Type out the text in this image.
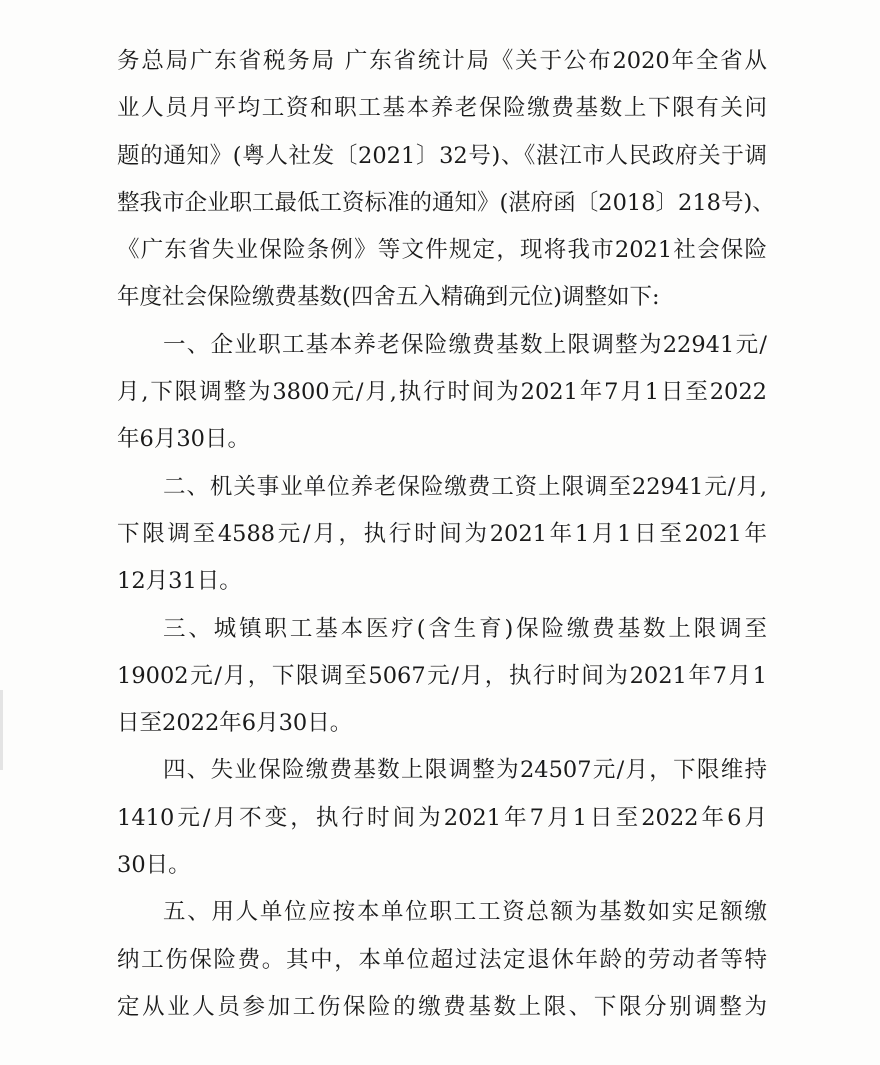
务总局广东省税务局 广东省统计局《关于公布2020年全省从
业人员月平均工资和职工基本养老保险缴费基数上下限有关问
题的通知》(粤人社发〔2021〕32号)、《湛江市人民政府关于调
整我市企业职工最低工资标准的通知》(湛府函〔2018〕218号)、
《广东省失业保险条例》等文件规定，现将我市2021社会保险
年度社会保险缴费基数(四舍五入精确到元位)调整如下:
一、企业职工基本养老保险缴费基数上限调整为22941元/
月,下限调整为3800元/月,执行时间为2021年7月1日至2022
年6月30日。
二、机关事业单位养老保险缴费工资上限调至22941元/月,
下限调至4588元/月，执行时间为2021年1月1日至2021年
12月31日。
三、城镇职工基本医疗(含生育)保险缴费基数上限调至
19002元/月，下限调至5067元/月，执行时间为2021年7月1
日至2022年6月30日。
四、失业保险缴费基数上限调整为24507元/月，下限维持
1410元/月不变，执行时间为2021年7月1日至2022年6月
30日。
五、用人单位应按本单位职工工资总额为基数如实足额缴
纳工伤保险费。其中，本单位超过法定退休年龄的劳动者等特
定从业人员参加工伤保险的缴费基数上限、下限分别调整为
